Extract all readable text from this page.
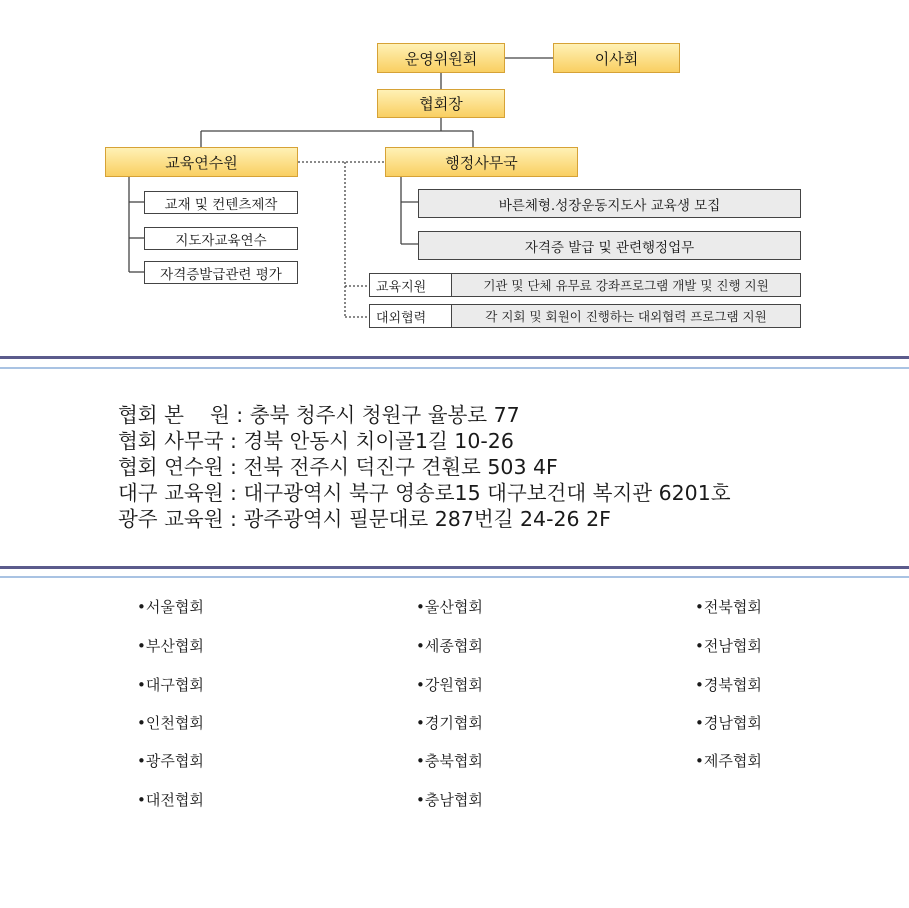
운영위원회	이사회
협회장
교육연수원	행정사무국
교재 및 컨텐츠제작
지도자교육연수
자격증발급관련 평가
바른체형.성장운동지도사 교육생 모집
자격증 발급 및 관련행정업무
교육지원	기관 및 단체 유무료 강좌프로그램 개발 및 진행 지원
대외협력	각 지회 및 회원이 진행하는 대외협력 프로그램 지원
협회 본    원 : 충북 청주시 청원구 율봉로 77
협회 사무국 : 경북 안동시 치이골1길 10-26
협회 연수원 : 전북 전주시 덕진구 견훤로 503 4F
대구 교육원 : 대구광역시 북구 영송로15 대구보건대 복지관 6201호
광주 교육원 : 광주광역시 필문대로 287번길 24-26 2F
•서울협회
•부산협회
•대구협회
•인천협회
•광주협회
•대전협회
•울산협회
•세종협회
•강원협회
•경기협회
•충북협회
•충남협회
•전북협회
•전남협회
•경북협회
•경남협회
•제주협회
